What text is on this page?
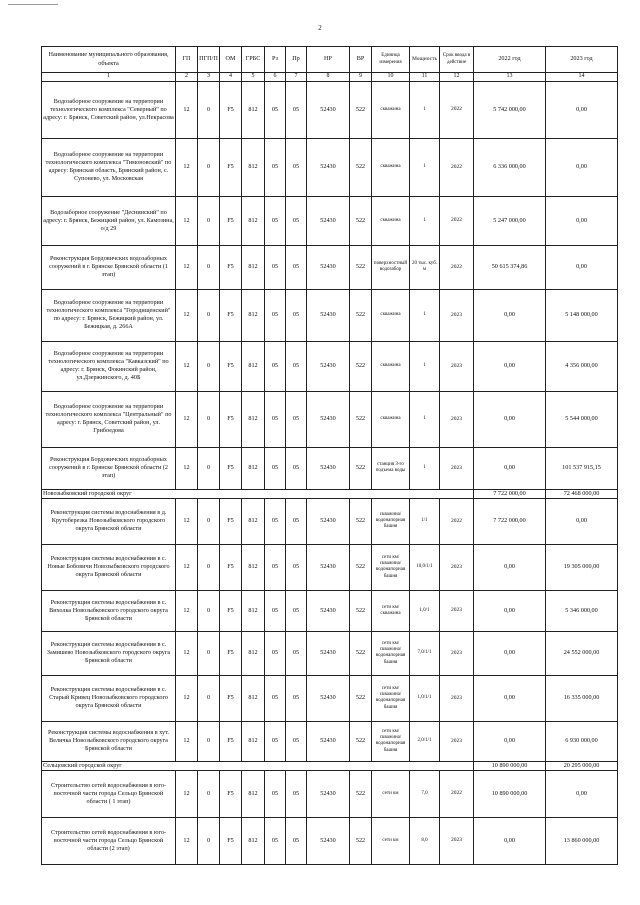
2
Наименование муниципального образования, объекта	ГП	ПГП/П	ОМ	ГРБС	Рз	Пр	НР	ВР	Единица измерения	Мощность	Срок ввода в действие	2022 год	2023 год
1	2	3	4	5	6	7	8	9	10	11	12	13	14
Водозаборное сооружение на территории технологического комплекса "Северный" по адресу: г. Брянск, Советский район, ул.Некрасова	12	0	F5	812	05	05	52430	522	скважина	1	2022	5 742 000,00	0,00
Водозаборное сооружение на территории технологического комплекса "Тимоновский" по адресу: Брянская область, Брянский район, с. Супонево, ул. Московская	12	0	F5	812	05	05	52430	522	скважина	1	2022	6 336 000,00	0,00
Водозаборное сооружение "Деснинский" по адресу: г. Брянск, Бежицкий район, ул. Камозина, о/д 29	12	0	F5	812	05	05	52430	522	скважина	1	2022	5 247 000,00	0,00
Реконструкция Бордовичских водозаборных сооружений в г. Брянске Брянской области (1 этап)	12	0	F5	812	05	05	52430	522	поверхностный водозабор	20 тыс. куб. м	2022	50 615 374,86	0,00
Водозаборное сооружение на территории технологического комплекса "Городищенский" по адресу: г. Брянск, Бежицкий район, ул. Бежицкая, д. 266А	12	0	F5	812	05	05	52430	522	скважина	1	2023	0,00	5 148 000,00
Водозаборное сооружение на территории технологического комплекса "Кавказский" по адресу: г. Брянск, Фокинский район, ул.Дзержинского, д. 40Б	12	0	F5	812	05	05	52430	522	скважина	1	2023	0,00	4 356 000,00
Водозаборное сооружение на территории технологического комплекса "Центральный" по адресу: г. Брянск, Советский район, ул. Грибоедова	12	0	F5	812	05	05	52430	522	скважина	1	2023	0,00	5 544 000,00
Реконструкция Бордовичских водозаборных сооружений в г. Брянске Брянской области (2 этап)	12	0	F5	812	05	05	52430	522	станция 3-го подъема воды	1	2023	0,00	101 537 915,15
Новозыбковский городской округ												7 722 000,00	72 468 000,00
Реконструкция системы водоснабжения в д. Крутоберезка Новозыбковского городского округа Брянской области	12	0	F5	812	05	05	52430	522	скважина/водонапорная башня	1/1	2022	7 722 000,00	0,00
Реконструкция системы водоснабжения в с. Новые Бобовичи Новозыбковского городского округа Брянской области	12	0	F5	812	05	05	52430	522	сети км/скважина/водонапорная башня	10,0/1/1	2023	0,00	19 305 000,00
Реконструкция системы водоснабжения в с. Вихолка Новозыбковского городского округа Брянской области	12	0	F5	812	05	05	52430	522	сети км/скважина	1,0/1	2023	0,00	5 346 000,00
Реконструкция системы водоснабжения в с. Замишево Новозыбковского городского округа Брянской области	12	0	F5	812	05	05	52430	522	сети км/скважина/водонапорная башня	7,0/1/1	2023	0,00	24 552 000,00
Реконструкция системы водоснабжения в с. Старый Кривец Новозыбковского городского округа Брянской области	12	0	F5	812	05	05	52430	522	сети км/скважина/водонапорная башня	1,0/1/1	2023	0,00	16 335 000,00
Реконструкция системы водоснабжения в хут. Величка Новозыбковского городского округа Брянской области	12	0	F5	812	05	05	52430	522	сети км/скважина/водонапорная башня	2,0/1/1	2023	0,00	6 930 000,00
Сельцовский городской округ												10 890 000,00	20 295 000,00
Строительство сетей водоснабжения в юго-восточной части города Сельцо Брянской области ( 1 этап)	12	0	F5	812	05	05	52430	522	сети км	7,0	2022	10 890 000,00	0,00
Строительство сетей водоснабжения в юго-восточной части города Сельцо Брянской области (2 этап)	12	0	F5	812	05	05	52430	522	сети км	8,0	2023	0,00	13 860 000,00
